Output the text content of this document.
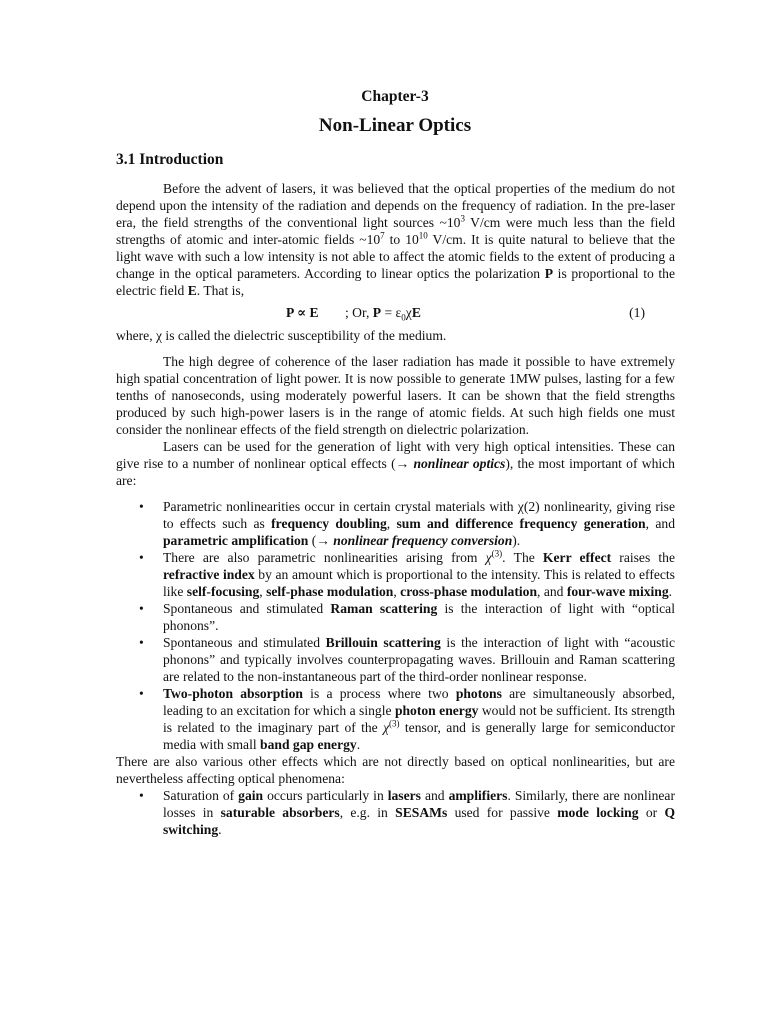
Chapter-3
Non-Linear Optics
3.1 Introduction

Before the advent of lasers, it was believed that the optical properties of the medium do not depend upon the intensity of the radiation and depends on the frequency of radiation. In the pre-laser era, the field strengths of the conventional light sources $\sim 10^3$ V/cm were much less than the field strengths of atomic and inter-atomic fields $\sim 10^7$ to $10^{10}$ V/cm. It is quite natural to believe that the light wave with such a low intensity is not able to affect the atomic fields to the extent of producing a change in the optical parameters. According to linear optics the polarization P is proportional to the electric field E. That is,

P ∝ E ; Or, $P = \varepsilon_0\chi E$	(1)

where, χ is called the dielectric susceptibility of the medium.

The high degree of coherence of the laser radiation has made it possible to have extremely high spatial concentration of light power. It is now possible to generate 1MW pulses, lasting for a few tenths of nanoseconds, using moderately powerful lasers. It can be shown that the field strengths produced by such high-power lasers is in the range of atomic fields. At such high fields one must consider the nonlinear effects of the field strength on dielectric polarization.

Lasers can be used for the generation of light with very high optical intensities. These can give rise to a number of nonlinear optical effects (→ nonlinear optics), the most important of which are:

• Parametric nonlinearities occur in certain crystal materials with χ(2) nonlinearity, giving rise to effects such as frequency doubling, sum and difference frequency generation, and parametric amplification (→ nonlinear frequency conversion).
• There are also parametric nonlinearities arising from $\chi^{(3)}$. The Kerr effect raises the refractive index by an amount which is proportional to the intensity. This is related to effects like self-focusing, self-phase modulation, cross-phase modulation, and four-wave mixing.
• Spontaneous and stimulated Raman scattering is the interaction of light with “optical phonons”.
• Spontaneous and stimulated Brillouin scattering is the interaction of light with “acoustic phonons” and typically involves counterpropagating waves. Brillouin and Raman scattering are related to the non-instantaneous part of the third-order nonlinear response.
• Two-photon absorption is a process where two photons are simultaneously absorbed, leading to an excitation for which a single photon energy would not be sufficient. Its strength is related to the imaginary part of the $\chi^{(3)}$ tensor, and is generally large for semiconductor media with small band gap energy.

There are also various other effects which are not directly based on optical nonlinearities, but are nevertheless affecting optical phenomena:

• Saturation of gain occurs particularly in lasers and amplifiers. Similarly, there are nonlinear losses in saturable absorbers, e.g. in SESAMs used for passive mode locking or Q switching.
